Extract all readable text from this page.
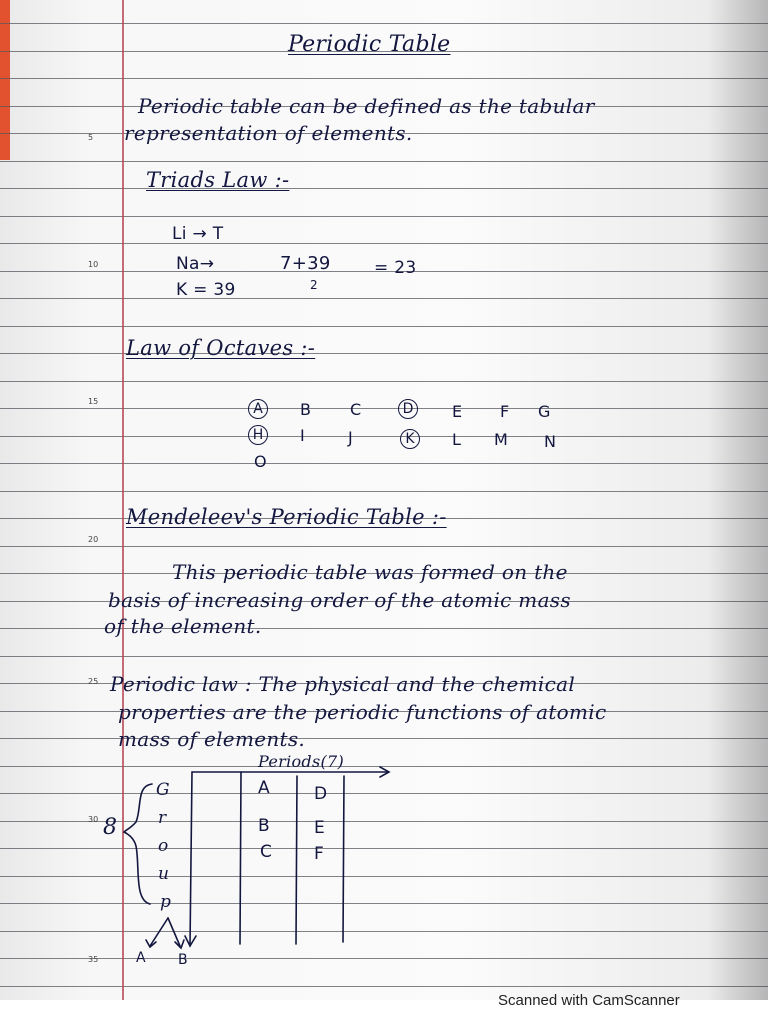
5
10
15
20
25
30
35
Periodic Table
Periodic table can be defined as the tabular
representation of elements.
Triads Law :-
Li → T
Na→	7+39
2
= 23
K = 39
Law of Octaves :-
A	B C	D E F G
H I	J	K	L M N
O
Mendeleev's Periodic Table :-
This periodic table was formed on the
basis of increasing order of the atomic mass
of the element.
Periodic law : The physical and the chemical
properties are the periodic functions of atomic
mass of elements.
Periods(7)
8
G
r
o
u
p
A
B
C
D
E
F
A B
Scanned with CamScanner
